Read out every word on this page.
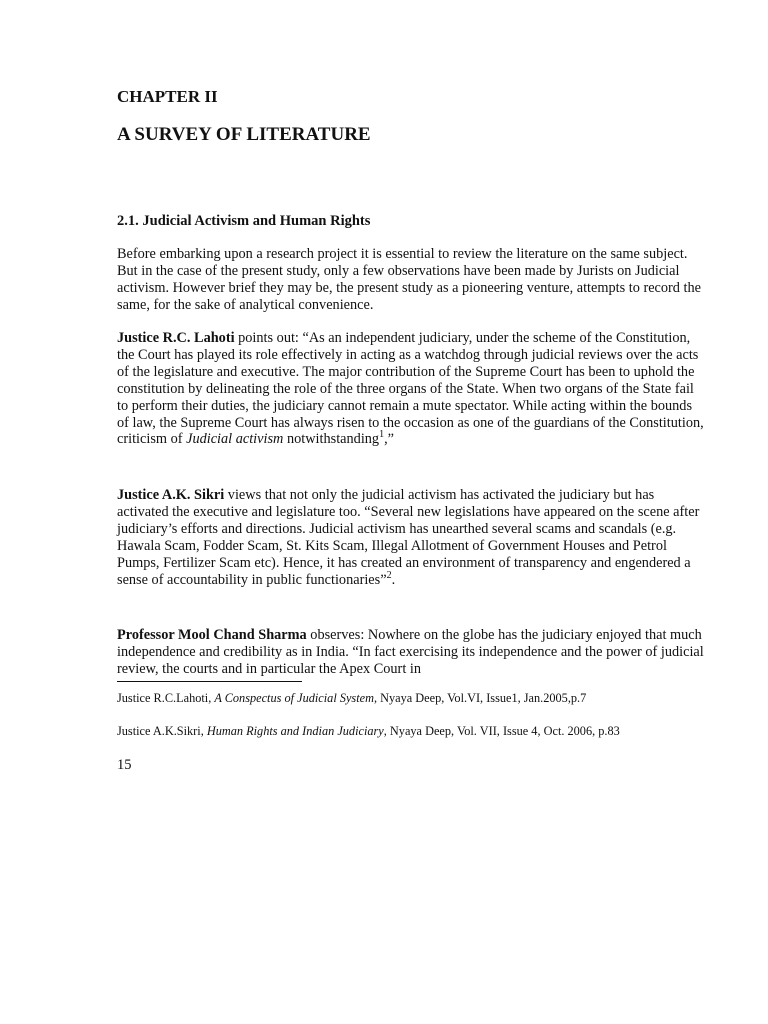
CHAPTER II
A SURVEY OF LITERATURE
2.1. Judicial Activism and Human Rights

Before embarking upon a research project it is essential to review the literature on the same subject. But in the case of the present study, only a few observations have been made by Jurists on Judicial activism. However brief they may be, the present study as a pioneering venture, attempts to record the same, for the sake of analytical convenience.

Justice R.C. Lahoti points out: “As an independent judiciary, under the scheme of the Constitution, the Court has played its role effectively in acting as a watchdog through judicial reviews over the acts of the legislature and executive. The major contribution of the Supreme Court has been to uphold the constitution by delineating the role of the three organs of the State. When two organs of the State fail to perform their duties, the judiciary cannot remain a mute spectator. While acting within the bounds of law, the Supreme Court has always risen to the occasion as one of the guardians of the Constitution, criticism of Judicial activism notwithstanding$^1$,”

Justice A.K. Sikri views that not only the judicial activism has activated the judiciary but has activated the executive and legislature too. “Several new legislations have appeared on the scene after judiciary’s efforts and directions. Judicial activism has unearthed several scams and scandals (e.g. Hawala Scam, Fodder Scam, St. Kits Scam, Illegal Allotment of Government Houses and Petrol Pumps, Fertilizer Scam etc). Hence, it has created an environment of transparency and engendered a sense of accountability in public functionaries”$^2$.

Professor Mool Chand Sharma observes: Nowhere on the globe has the judiciary enjoyed that much independence and credibility as in India. “In fact exercising its independence and the power of judicial review, the courts and in particular the Apex Court in

Justice R.C.Lahoti, A Conspectus of Judicial System, Nyaya Deep, Vol.VI, Issue1, Jan.2005,p.7

Justice A.K.Sikri, Human Rights and Indian Judiciary, Nyaya Deep, Vol. VII, Issue 4, Oct. 2006, p.83

15
